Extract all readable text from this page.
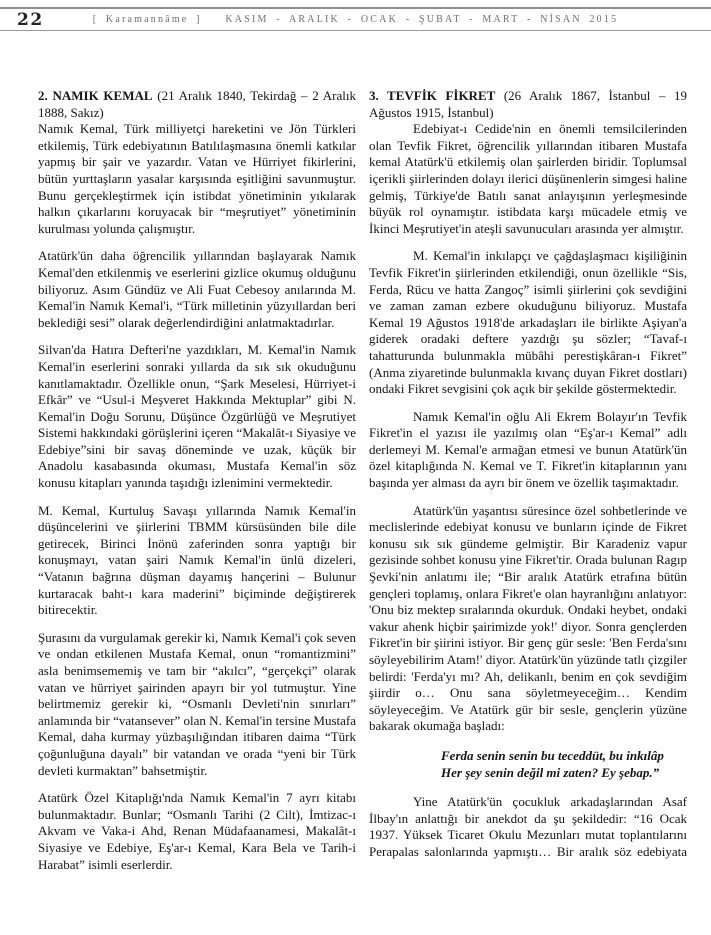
22	[ Karamannâme ] KASIM - ARALIK - OCAK - ŞUBAT - MART - NİSAN 2015

2. NAMIK KEMAL (21 Aralık 1840, Tekirdağ – 2 Aralık 1888, Sakız)

Namık Kemal, Türk milliyetçi hareketini ve Jön Türkleri etkilemiş, Türk edebiyatının Batılılaşmasına önemli katkılar yapmış bir şair ve yazardır. Vatan ve Hürriyet fikirlerini, bütün yurttaşların yasalar karşısında eşitliğini savunmuştur. Bunu gerçekleştirmek için istibdat yönetiminin yıkılarak halkın çıkarlarını koruyacak bir “meşrutiyet” yönetiminin kurulması yolunda çalışmıştır.

Atatürk'ün daha öğrencilik yıllarından başlayarak Namık Kemal'den etkilenmiş ve eserlerini gizlice okumuş olduğunu biliyoruz. Asım Gündüz ve Ali Fuat Cebesoy anılarında M. Kemal'in Namık Kemal'i, “Türk milletinin yüzyıllardan beri beklediği sesi” olarak değerlendirdiğini anlatmaktadırlar.

Silvan'da Hatıra Defteri'ne yazdıkları, M. Kemal'in Namık Kemal'in eserlerini sonraki yıllarda da sık sık okuduğunu kanıtlamaktadır. Özellikle onun, “Şark Meselesi, Hürriyet-i Efkâr” ve “Usul-i Meşveret Hakkında Mektuplar” gibi N. Kemal'in Doğu Sorunu, Düşünce Özgürlüğü ve Meşrutiyet Sistemi hakkındaki görüşlerini içeren “Makalât-ı Siyasiye ve Edebiye”sini bir savaş döneminde ve uzak, küçük bir Anadolu kasabasında okuması, Mustafa Kemal'in söz konusu kitapları yanında taşıdığı izlenimini vermektedir.

M. Kemal, Kurtuluş Savaşı yıllarında Namık Kemal'in düşüncelerini ve şiirlerini TBMM kürsüsünden bile dile getirecek, Birinci İnönü zaferinden sonra yaptığı bir konuşmayı, vatan şairi Namık Kemal'in ünlü dizeleri, “Vatanın bağrına düşman dayamış hançerini – Bulunur kurtaracak baht-ı kara maderini” biçiminde değiştirerek bitirecektir.

Şurasını da vurgulamak gerekir ki, Namık Kemal'i çok seven ve ondan etkilenen Mustafa Kemal, onun “romantizmini” asla benimsememiş ve tam bir “akılcı”, “gerçekçi” olarak vatan ve hürriyet şairinden apayrı bir yol tutmuştur. Yine belirtmemiz gerekir ki, “Osmanlı Devleti'nin sınırları” anlamında bir “vatansever” olan N. Kemal'in tersine Mustafa Kemal, daha kurmay yüzbaşılığından itibaren daima “Türk çoğunluğuna dayalı” bir vatandan ve orada “yeni bir Türk devleti kurmaktan” bahsetmiştir.

Atatürk Özel Kitaplığı'nda Namık Kemal'in 7 ayrı kitabı bulunmaktadır. Bunlar; “Osmanlı Tarihi (2 Cilt), İmtizac-ı Akvam ve Vaka-i Ahd, Renan Müdafaanamesi, Makalât-ı Siyasiye ve Edebiye, Eş'ar-ı Kemal, Kara Bela ve Tarih-i Harabat” isimli eserlerdir.

3. TEVFİK FİKRET (26 Aralık 1867, İstanbul – 19 Ağustos 1915, İstanbul)

Edebiyat-ı Cedide'nin en önemli temsilcilerinden olan Tevfik Fikret, öğrencilik yıllarından itibaren Mustafa kemal Atatürk'ü etkilemiş olan şairlerden biridir. Toplumsal içerikli şiirlerinden dolayı ilerici düşünenlerin simgesi haline gelmiş, Türkiye'de Batılı sanat anlayışının yerleşmesinde büyük rol oynamıştır. istibdata karşı mücadele etmiş ve İkinci Meşrutiyet'in ateşli savunucuları arasında yer almıştır.

M. Kemal'in inkılapçı ve çağdaşlaşmacı kişiliğinin Tevfik Fikret'in şiirlerinden etkilendiği, onun özellikle “Sis, Ferda, Rücu ve hatta Zangoç” isimli şiirlerini çok sevdiğini ve zaman zaman ezbere okuduğunu biliyoruz. Mustafa Kemal 19 Ağustos 1918'de arkadaşları ile birlikte Aşiyan'a giderek oradaki deftere yazdığı şu sözler; “Tavaf-ı tahatturunda bulunmakla mübâhi perestişkâran-ı Fikret” (Anma ziyaretinde bulunmakla kıvanç duyan Fikret dostları) ondaki Fikret sevgisini çok açık bir şekilde göstermektedir.

Namık Kemal'in oğlu Ali Ekrem Bolayır'ın Tevfik Fikret'in el yazısı ile yazılmış olan “Eş'ar-ı Kemal” adlı derlemeyi M. Kemal'e armağan etmesi ve bunun Atatürk'ün özel kitaplığında N. Kemal ve T. Fikret'in kitaplarının yanı başında yer alması da ayrı bir önem ve özellik taşımaktadır.

Atatürk'ün yaşantısı süresince özel sohbetlerinde ve meclislerinde edebiyat konusu ve bunların içinde de Fikret konusu sık sık gündeme gelmiştir. Bir Karadeniz vapur gezisinde sohbet konusu yine Fikret'tir. Orada bulunan Ragıp Şevki'nin anlatımı ile; “Bir aralık Atatürk etrafına bütün gençleri toplamış, onlara Fikret'e olan hayranlığını anlatıyor: 'Onu biz mektep sıralarında okurduk. Ondaki heybet, ondaki vakur ahenk hiçbir şairimizde yok!' diyor. Sonra gençlerden Fikret'in bir şiirini istiyor. Bir genç gür sesle: 'Ben Ferda'sını söyleyebilirim Atam!' diyor. Atatürk'ün yüzünde tatlı çizgiler belirdi: 'Ferda'yı mı? Ah, delikanlı, benim en çok sevdiğim şiirdir o… Onu sana söyletmeyeceğim… Kendim söyleyeceğim. Ve Atatürk gür bir sesle, gençlerin yüzüne bakarak okumağa başladı:

Ferda senin senin bu teceddüt, bu inkılâp
Her şey senin değil mi zaten? Ey şebap.”

Yine Atatürk'ün çocukluk arkadaşlarından Asaf İlbay'ın anlattığı bir anekdot da şu şekildedir: “16 Ocak 1937. Yüksek Ticaret Okulu Mezunları mutat toplantılarını Perapalas salonlarında yapmıştı… Bir aralık söz edebiyata
